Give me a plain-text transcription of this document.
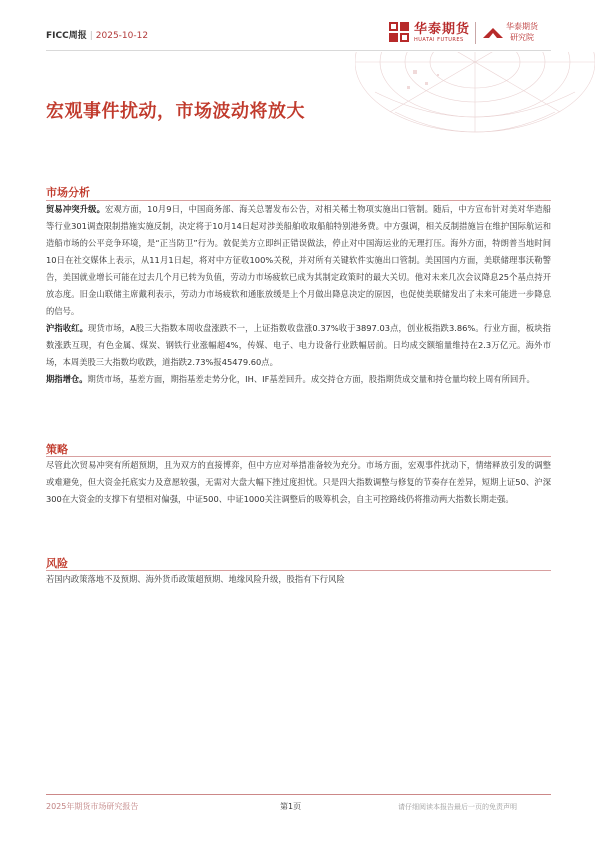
FICC周报 | 2025-10-12	华泰期货
HUATAI FUTURES
华泰期货
研究院
宏观事件扰动，市场波动将放大
市场分析
贸易冲突升级。宏观方面，10月9日，中国商务部、海关总署发布公告，对相关稀土物项实施出口管制。随后，中方宣布针对美对华造船等行业301调查限制措施实施反制，决定将于10月14日起对涉美船舶收取船舶特别港务费。中方强调，相关反制措施旨在维护国际航运和造船市场的公平竞争环境，是“正当防卫”行为。敦促美方立即纠正错误做法，停止对中国海运业的无理打压。海外方面，特朗普当地时间10日在社交媒体上表示，从11月1日起，将对中方征收100%关税，并对所有关键软件实施出口管制。美国国内方面，美联储理事沃勒警告，美国就业增长可能在过去几个月已转为负值，劳动力市场疲软已成为其制定政策时的最大关切。他对未来几次会议降息25个基点持开放态度。旧金山联储主席戴利表示，劳动力市场疲软和通胀放缓是上个月做出降息决定的原因，也促使美联储发出了未来可能进一步降息的信号。
沪指收红。现货市场，A股三大指数本周收盘涨跌不一，上证指数收盘涨0.37%收于3897.03点，创业板指跌3.86%。行业方面，板块指数涨跌互现，有色金属、煤炭、钢铁行业涨幅超4%，传媒、电子、电力设备行业跌幅居前。日均成交额缩量维持在2.3万亿元。海外市场，本周美股三大指数均收跌，道指跌2.73%报45479.60点。
期指增仓。期货市场，基差方面，期指基差走势分化，IH、IF基差回升。成交持仓方面，股指期货成交量和持仓量均较上周有所回升。
策略
尽管此次贸易冲突有所超预期，且为双方的直接博弈，但中方应对举措准备较为充分。市场方面，宏观事件扰动下，情绪释放引发的调整或难避免，但大资金托底实力及意愿较强，无需对大盘大幅下挫过度担忧。只是四大指数调整与修复的节奏存在差异，短期上证50、沪深300在大资金的支撑下有望相对偏强，中证500、中证1000关注调整后的吸筹机会，自主可控路线仍将推动两大指数长期走强。
风险
若国内政策落地不及预期、海外货币政策超预期、地缘风险升级，股指有下行风险
2025年期货市场研究报告	第1页	请仔细阅读本报告最后一页的免责声明
